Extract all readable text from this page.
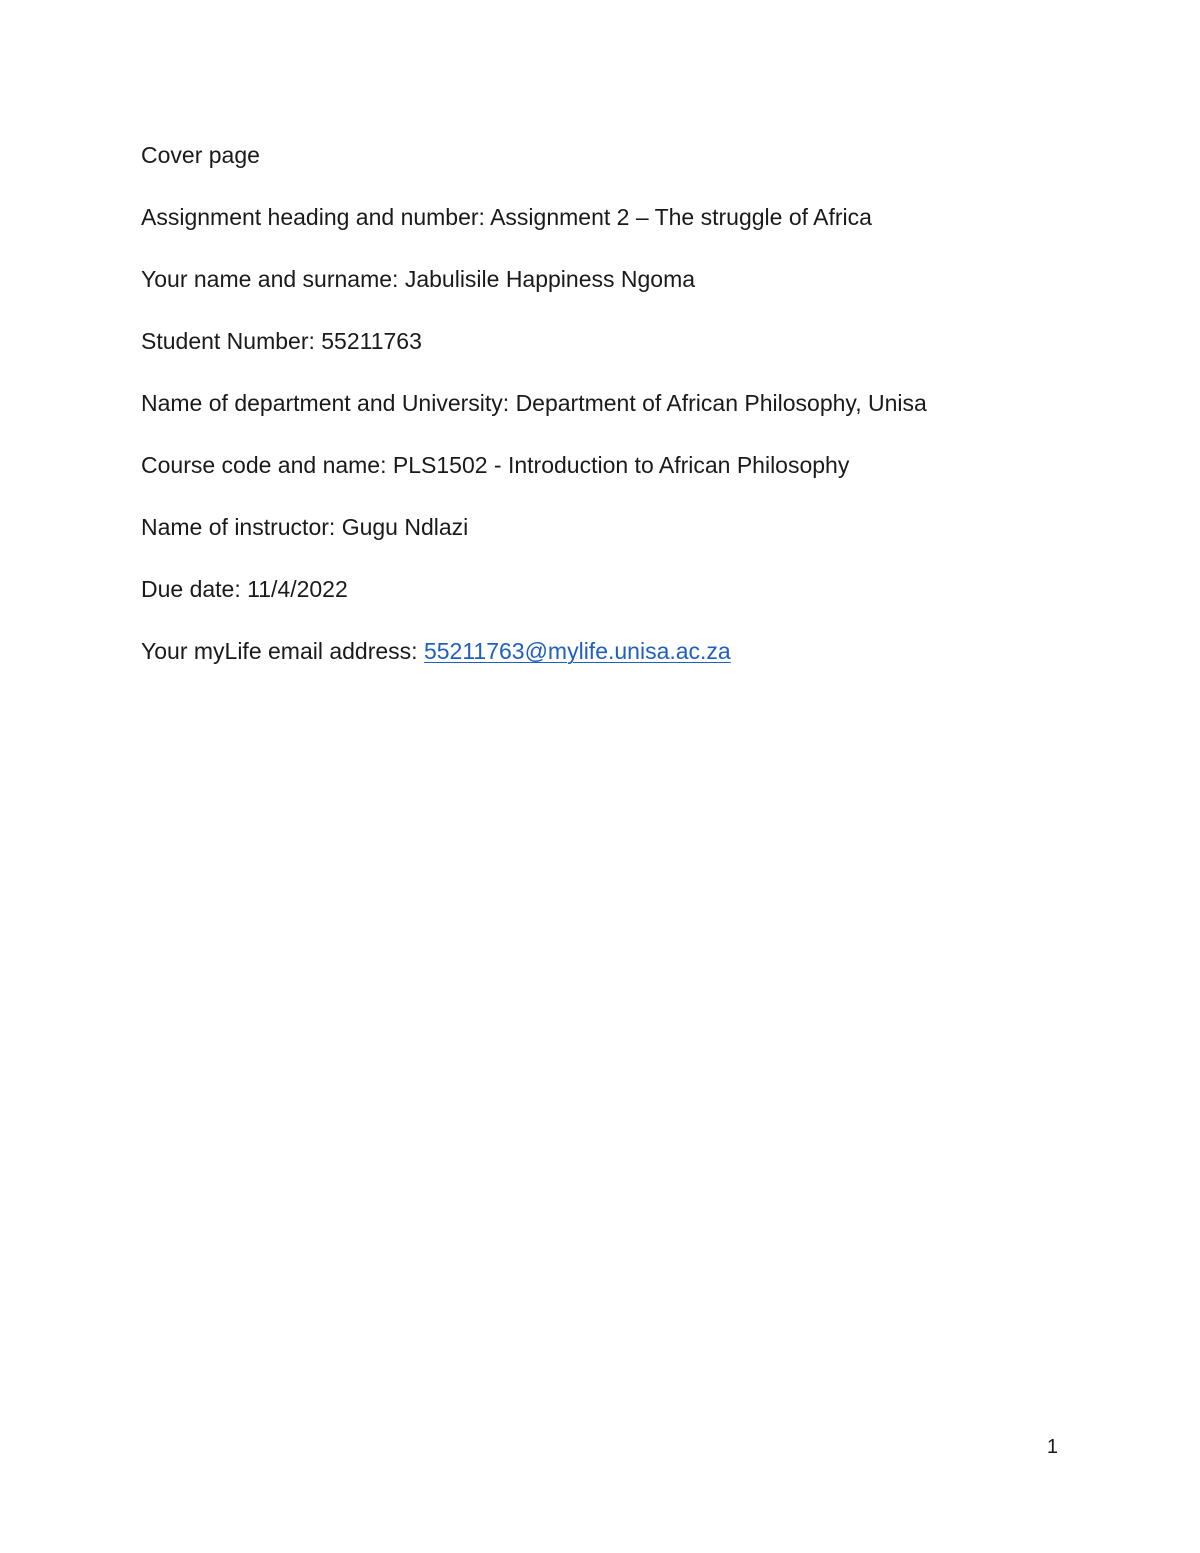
Cover page
Assignment heading and number: Assignment 2 – The struggle of Africa
Your name and surname: Jabulisile Happiness Ngoma
Student Number: 55211763
Name of department and University: Department of African Philosophy, Unisa
Course code and name: PLS1502 - Introduction to African Philosophy
Name of instructor: Gugu Ndlazi
Due date: 11/4/2022
Your myLife email address: 55211763@mylife.unisa.ac.za
1
